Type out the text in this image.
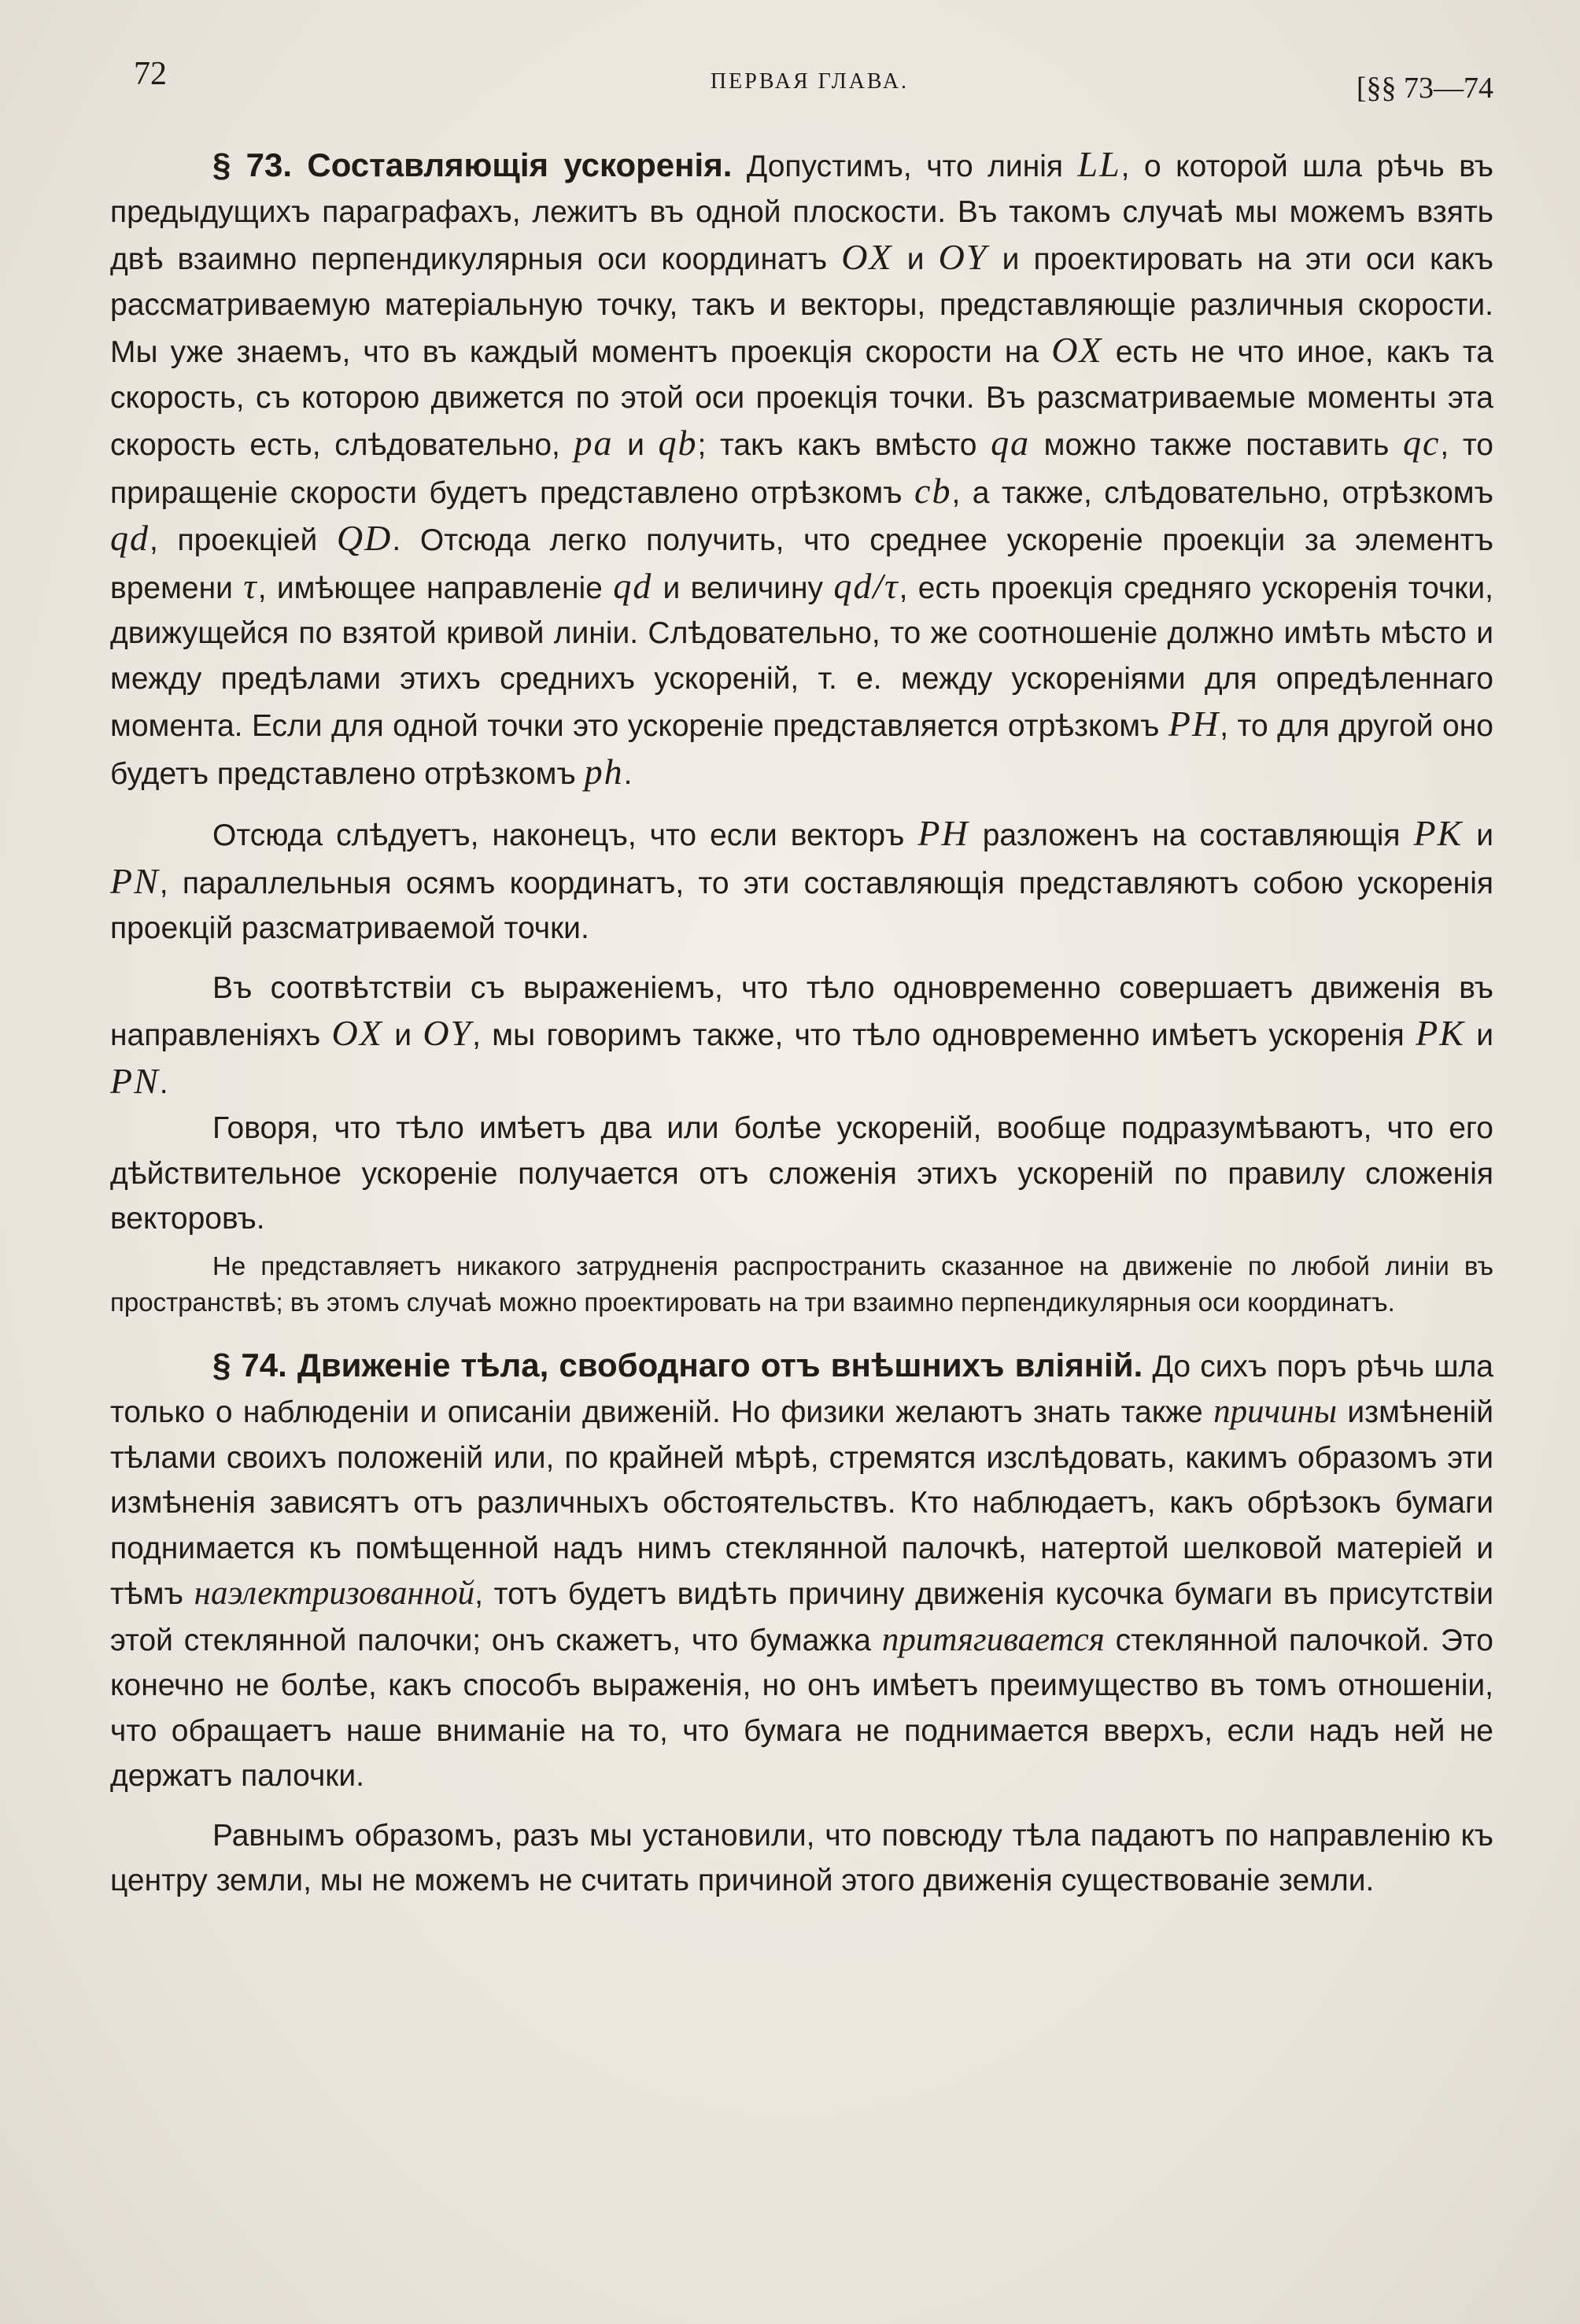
72	ПЕРВАЯ ГЛАВА.	[§§ 73—74

§ 73. Составляющія ускоренія. Допустимъ, что линія LL, о которой шла рѣчь въ предыдущихъ параграфахъ, лежитъ въ одной плоскости. Въ такомъ случаѣ мы можемъ взять двѣ взаимно перпендикулярныя оси координатъ OX и OY и проектировать на эти оси какъ рассматриваемую матеріальную точку, такъ и векторы, представляющіе различныя скорости. Мы уже знаемъ, что въ каждый моментъ проекція скорости на OX есть не что иное, какъ та скорость, съ которою движется по этой оси проекція точки. Въ разсматриваемые моменты эта скорость есть, слѣдовательно, pa и qb; такъ какъ вмѣсто qa можно также поставить qc, то приращеніе скорости будетъ представлено отрѣзкомъ cb, а также, слѣдовательно, отрѣзкомъ qd, проекціей QD. Отсюда легко получить, что среднее ускореніе проекціи за элементъ времени τ, имѣющее направленіе qd и величину qd/τ, есть проекція средняго ускоренія точки, движущейся по взятой кривой линіи. Слѣдовательно, то же соотношеніе должно имѣть мѣсто и между предѣлами этихъ среднихъ ускореній, т. е. между ускореніями для опредѣленнаго момента. Если для одной точки это ускореніе представляется отрѣзкомъ PH, то для другой оно будетъ представлено отрѣзкомъ ph.

Отсюда слѣдуетъ, наконецъ, что если векторъ PH разложенъ на составляющія PK и PN, параллельныя осямъ координатъ, то эти составляющія представляютъ собою ускоренія проекцій разсматриваемой точки.

Въ соотвѣтствіи съ выраженіемъ, что тѣло одновременно совершаетъ движенія въ направленіяхъ OX и OY, мы говоримъ также, что тѣло одновременно имѣетъ ускоренія PK и PN.

Говоря, что тѣло имѣетъ два или болѣе ускореній, вообще подразумѣваютъ, что его дѣйствительное ускореніе получается отъ сложенія этихъ ускореній по правилу сложенія векторовъ.

Не представляетъ никакого затрудненія распространить сказанное на движеніе по любой линіи въ пространствѣ; въ этомъ случаѣ можно проектировать на три взаимно перпендикулярныя оси координатъ.

§ 74. Движеніе тѣла, свободнаго отъ внѣшнихъ вліяній. До сихъ поръ рѣчь шла только о наблюденіи и описаніи движеній. Но физики желаютъ знать также причины измѣненій тѣлами своихъ положеній или, по крайней мѣрѣ, стремятся изслѣдовать, какимъ образомъ эти измѣненія зависятъ отъ различныхъ обстоятельствъ. Кто наблюдаетъ, какъ обрѣзокъ бумаги поднимается къ помѣщенной надъ нимъ стеклянной палочкѣ, натертой шелковой матеріей и тѣмъ наэлектризованной, тотъ будетъ видѣть причину движенія кусочка бумаги въ присутствіи этой стеклянной палочки; онъ скажетъ, что бумажка притягивается стеклянной палочкой. Это конечно не болѣе, какъ способъ выраженія, но онъ имѣетъ преимущество въ томъ отношеніи, что обращаетъ наше вниманіе на то, что бумага не поднимается вверхъ, если надъ ней не держатъ палочки.

Равнымъ образомъ, разъ мы установили, что повсюду тѣла падаютъ по направленію къ центру земли, мы не можемъ не считать причиной этого движенія существованіе земли.
